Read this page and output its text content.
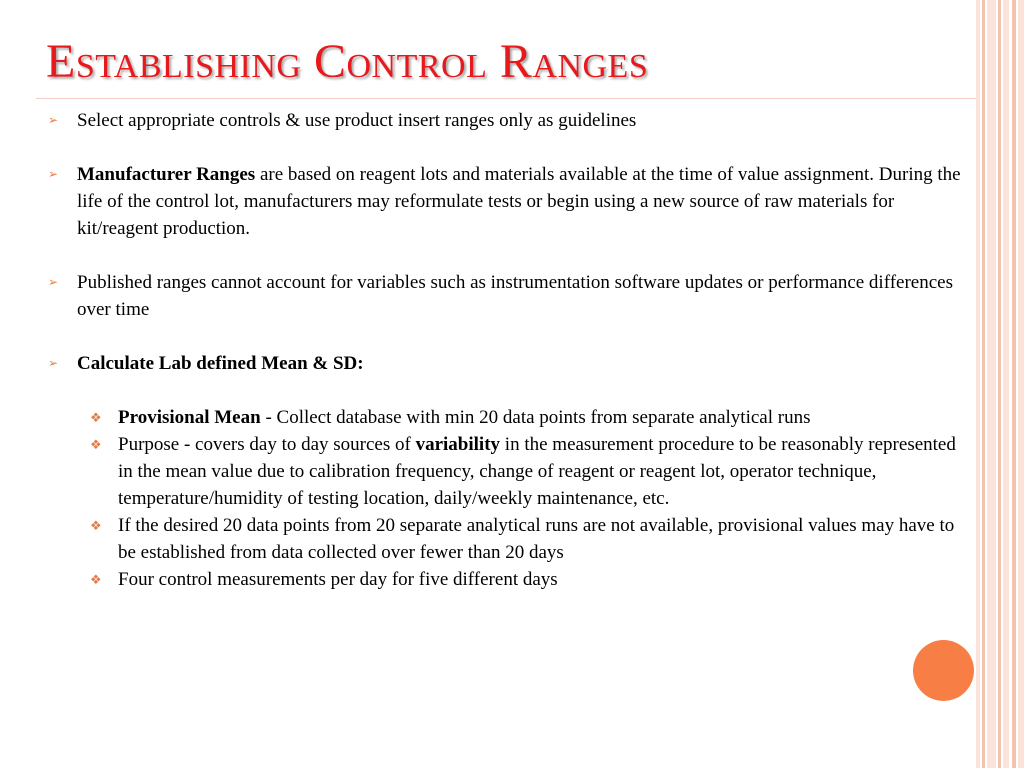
Establishing Control Ranges
➢ Select appropriate controls & use product insert ranges only as guidelines
➢ Manufacturer Ranges are based on reagent lots and materials available at the time of value assignment. During the life of the control lot, manufacturers may reformulate tests or begin using a new source of raw materials for kit/reagent production.
➢ Published ranges cannot account for variables such as instrumentation software updates or performance differences over time
➢ Calculate Lab defined Mean & SD:
❖ Provisional Mean - Collect database with min 20 data points from separate analytical runs
❖ Purpose - covers day to day sources of variability in the measurement procedure to be reasonably represented in the mean value due to calibration frequency, change of reagent or reagent lot, operator technique, temperature/humidity of testing location, daily/weekly maintenance, etc.
❖ If the desired 20 data points from 20 separate analytical runs are not available, provisional values may have to be established from data collected over fewer than 20 days
❖ Four control measurements per day for five different days
